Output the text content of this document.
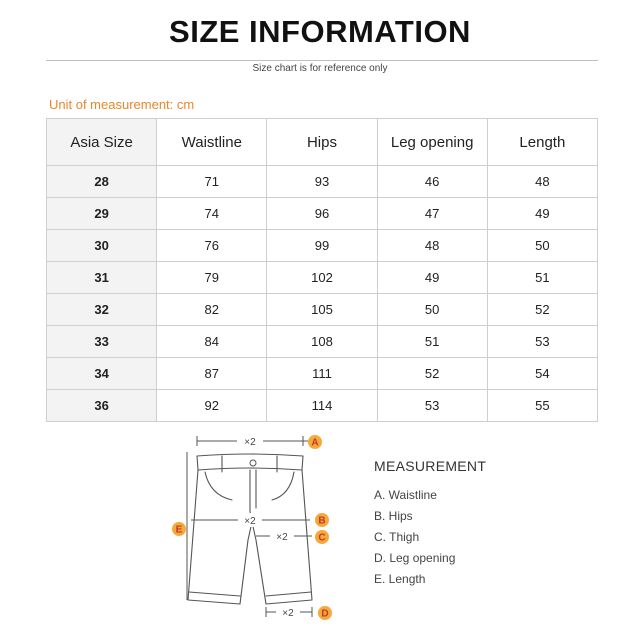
SIZE INFORMATION
Size chart is for reference only
Unit of measurement: cm
Asia Size	Waistline	Hips	Leg opening	Length
28	71	93	46	48
29	74	96	47	49
30	76	99	48	50
31	79	102	49	51
32	82	105	50	52
33	84	108	51	53
34	87	111	52	54
36	92	114	53	55
×2
×2
×2
×2
A
B
C
D
E
MEASUREMENT
A. Waistline
B. Hips
C. Thigh
D. Leg opening
E. Length
